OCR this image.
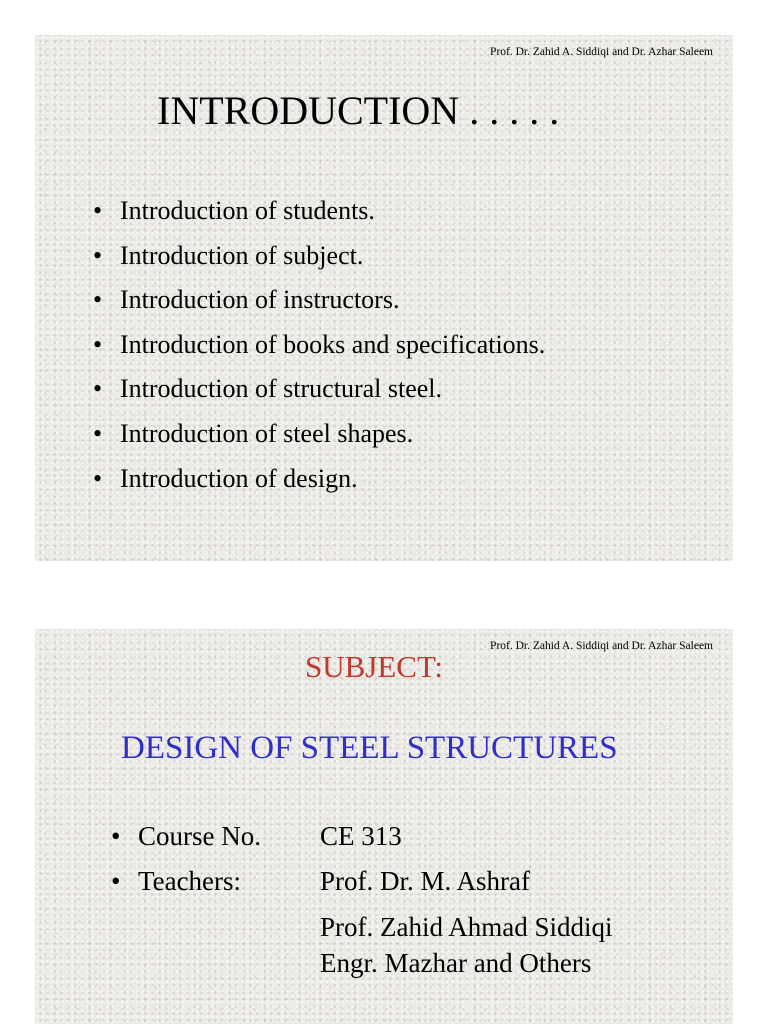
Prof. Dr. Zahid A. Siddiqi and Dr. Azhar Saleem
INTRODUCTION . . . . .
• Introduction of students.
• Introduction of subject.
• Introduction of instructors.
• Introduction of books and specifications.
• Introduction of structural steel.
• Introduction of steel shapes.
• Introduction of design.
Prof. Dr. Zahid A. Siddiqi and Dr. Azhar Saleem
SUBJECT:
DESIGN OF STEEL STRUCTURES
• Course No. CE 313
• Teachers:	Prof. Dr. M. Ashraf
Prof. Zahid Ahmad Siddiqi
Engr. Mazhar and Others
